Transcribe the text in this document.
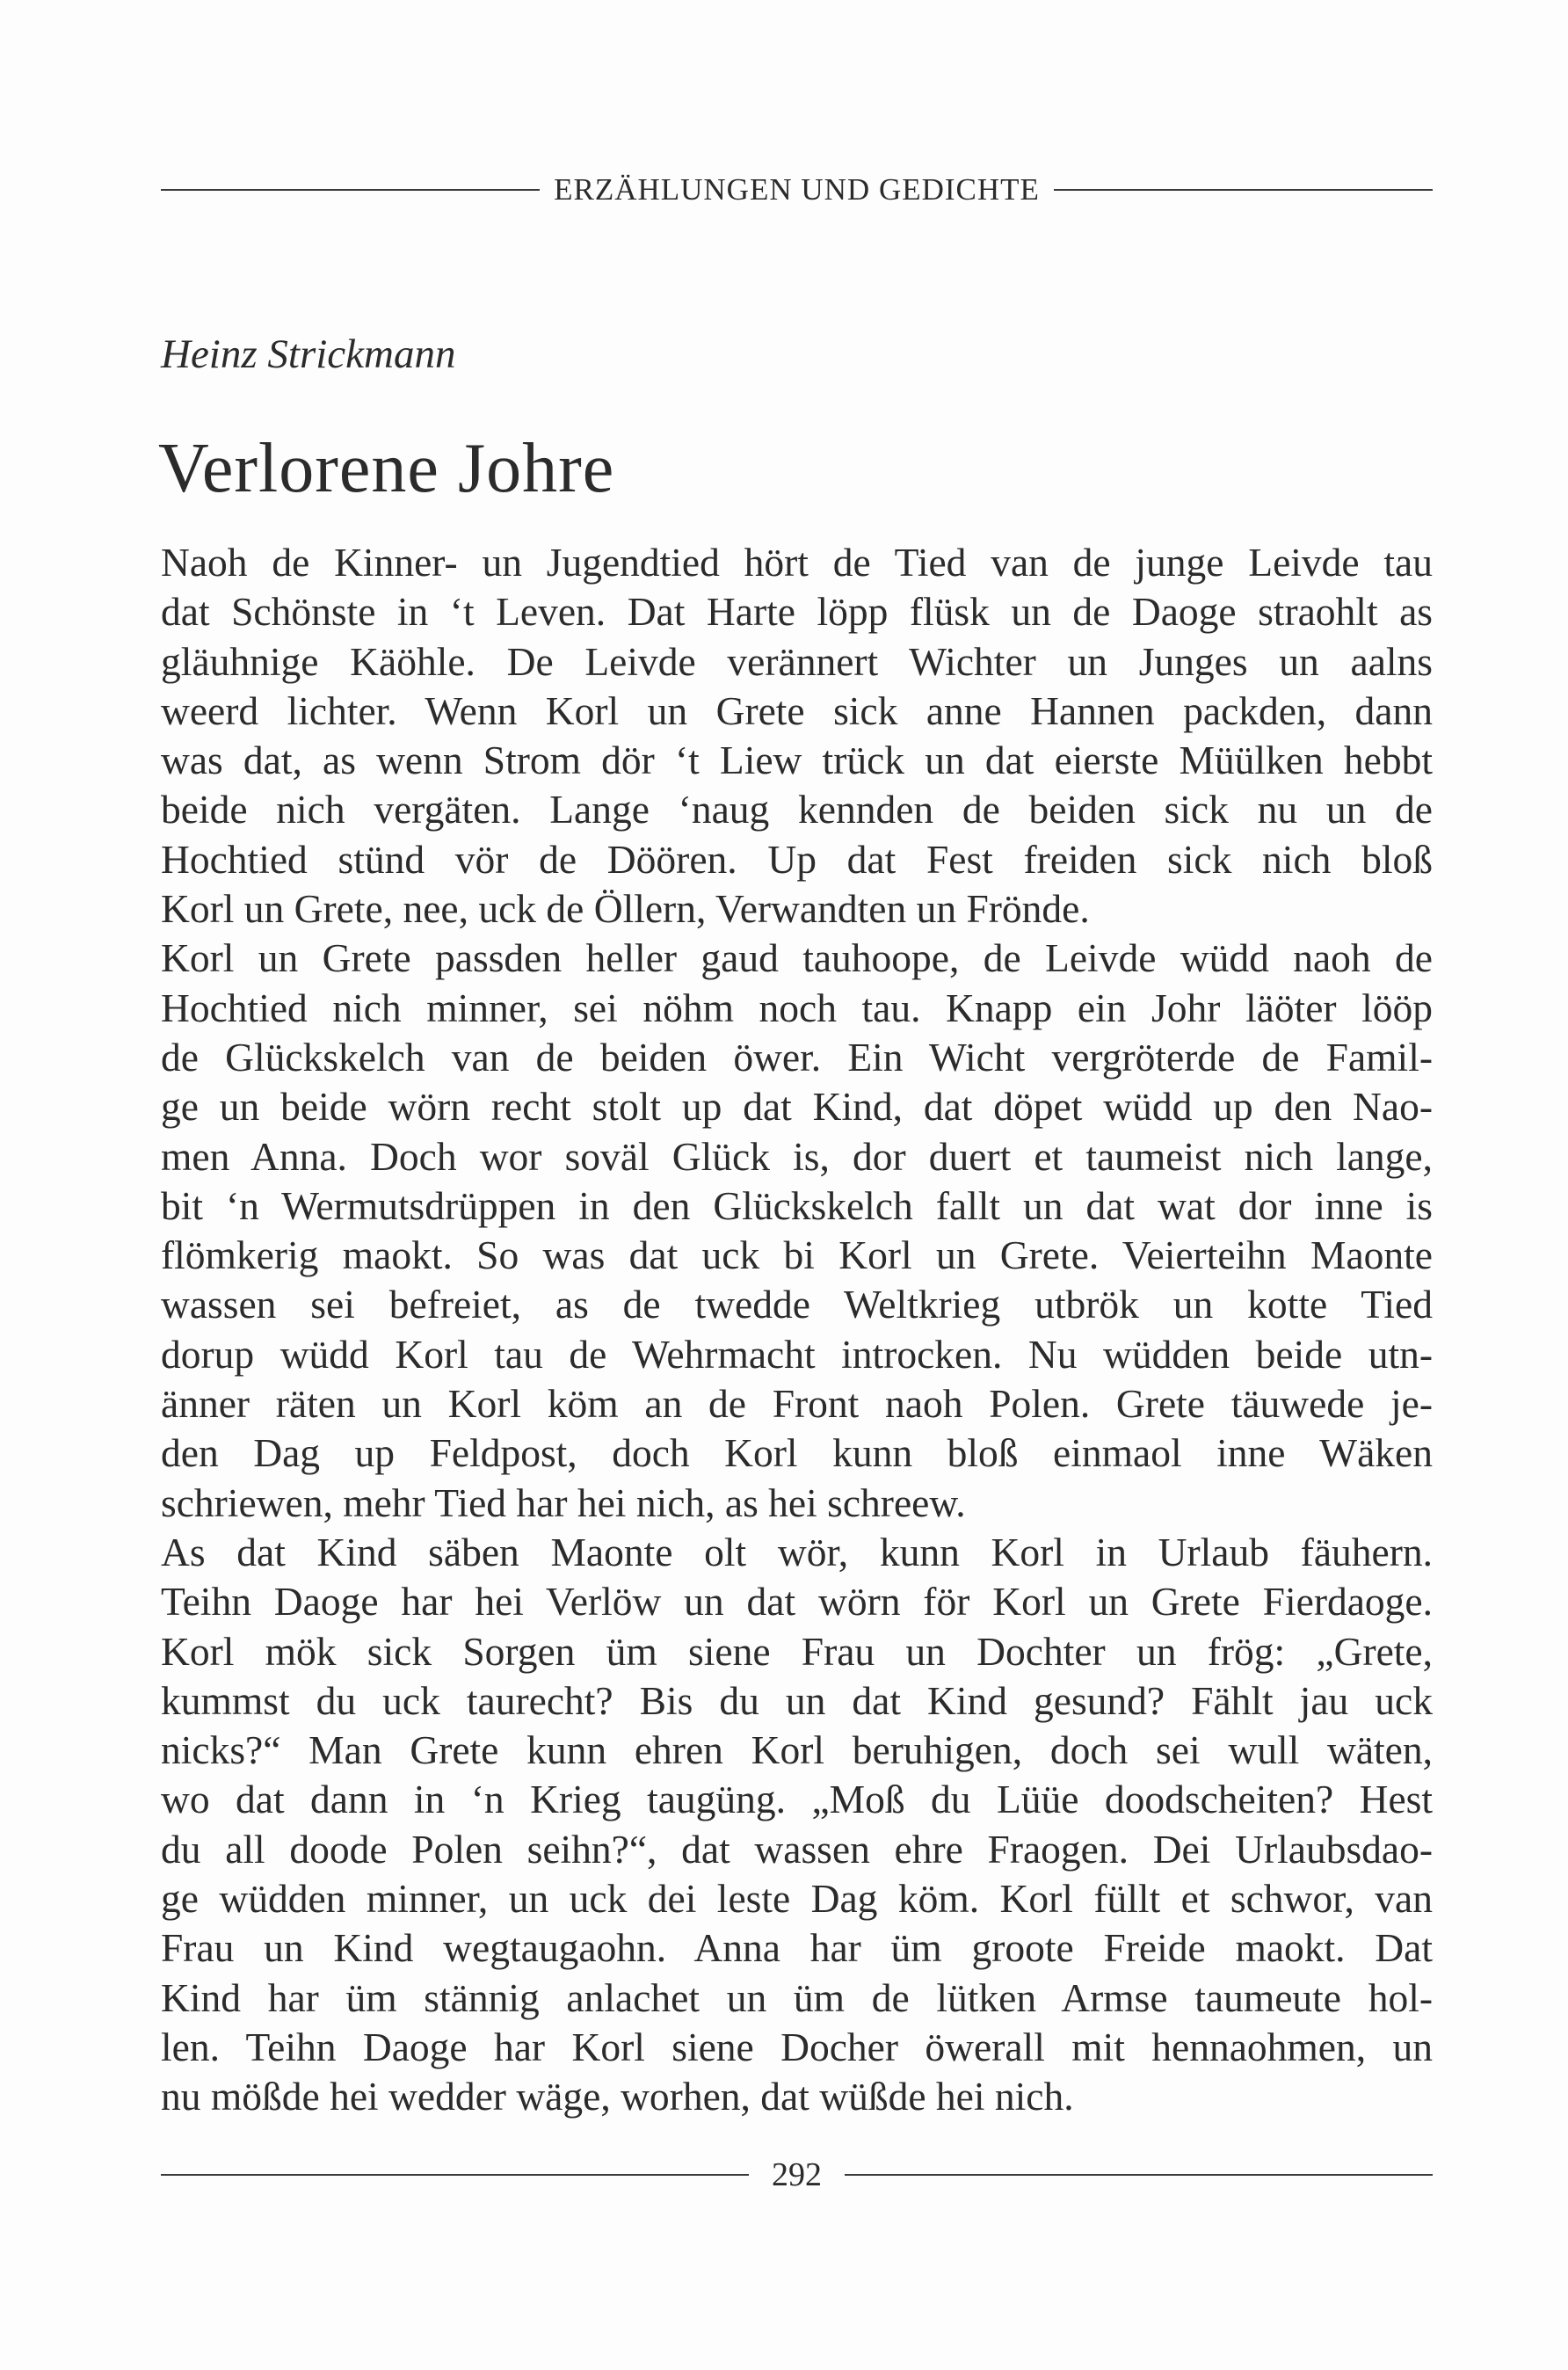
ERZÄHLUNGEN UND GEDICHTE
Heinz Strickmann
Verlorene Johre
Naoh de Kinner- un Jugendtied hört de Tied van de junge Leivde tau
dat Schönste in ‘t Leven. Dat Harte löpp flüsk un de Daoge straohlt as
gläuhnige Käöhle. De Leivde verännert Wichter un Junges un aalns
weerd lichter. Wenn Korl un Grete sick anne Hannen packden, dann
was dat, as wenn Strom dör ‘t Liew trück un dat eierste Müülken hebbt
beide nich vergäten. Lange ‘naug kennden de beiden sick nu un de
Hochtied stünd vör de Döören. Up dat Fest freiden sick nich bloß
Korl un Grete, nee, uck de Öllern, Verwandten un Frönde.
Korl un Grete passden heller gaud tauhoope, de Leivde wüdd naoh de
Hochtied nich minner, sei nöhm noch tau. Knapp ein Johr läöter lööp
de Glückskelch van de beiden öwer. Ein Wicht vergröterde de Famil-
ge un beide wörn recht stolt up dat Kind, dat döpet wüdd up den Nao-
men Anna. Doch wor soväl Glück is, dor duert et taumeist nich lange,
bit ‘n Wermutsdrüppen in den Glückskelch fallt un dat wat dor inne is
flömkerig maokt. So was dat uck bi Korl un Grete. Veierteihn Maonte
wassen sei befreiet, as de twedde Weltkrieg utbrök un kotte Tied
dorup wüdd Korl tau de Wehrmacht introcken. Nu wüdden beide utn-
änner räten un Korl köm an de Front naoh Polen. Grete täuwede je-
den Dag up Feldpost, doch Korl kunn bloß einmaol inne Wäken
schriewen, mehr Tied har hei nich, as hei schreew.
As dat Kind säben Maonte olt wör, kunn Korl in Urlaub fäuhern.
Teihn Daoge har hei Verlöw un dat wörn för Korl un Grete Fierdaoge.
Korl mök sick Sorgen üm siene Frau un Dochter un frög: „Grete,
kummst du uck taurecht? Bis du un dat Kind gesund? Fählt jau uck
nicks?“ Man Grete kunn ehren Korl beruhigen, doch sei wull wäten,
wo dat dann in ‘n Krieg taugüng. „Moß du Lüüe doodscheiten? Hest
du all doode Polen seihn?“, dat wassen ehre Fraogen. Dei Urlaubsdao-
ge wüdden minner, un uck dei leste Dag köm. Korl füllt et schwor, van
Frau un Kind wegtaugaohn. Anna har üm groote Freide maokt. Dat
Kind har üm stännig anlachet un üm de lütken Armse taumeute hol-
len. Teihn Daoge har Korl siene Docher öwerall mit hennaohmen, un
nu mößde hei wedder wäge, worhen, dat wüßde hei nich.
292
